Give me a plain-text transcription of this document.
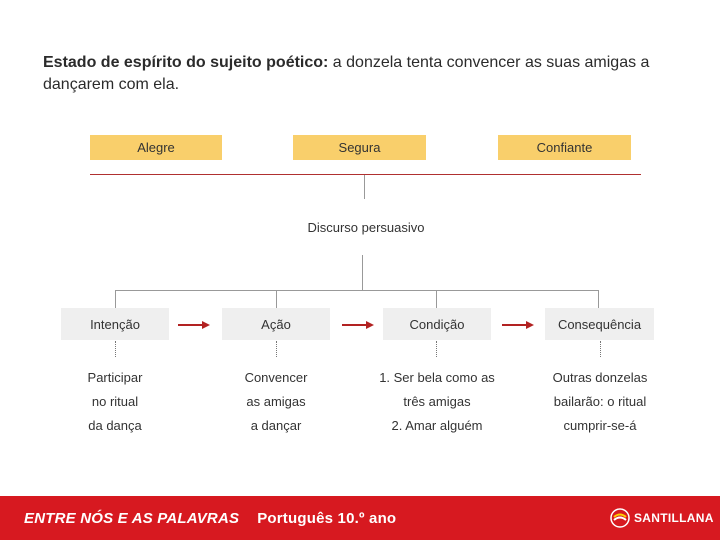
Estado de espírito do sujeito poético: a donzela tenta convencer as suas amigas a dançarem com ela.
Alegre	Segura	Confiante
Discurso persuasivo
Intenção	Ação	Condição	Consequência
Participar
no ritual
da dança
Convencer
as amigas
a dançar
1. Ser bela como as
três amigas
2. Amar alguém
Outras donzelas
bailarão: o ritual
cumprir-se-á
ENTRE NÓS E AS PALAVRAS Português 10.º ano	SANTILLANA
